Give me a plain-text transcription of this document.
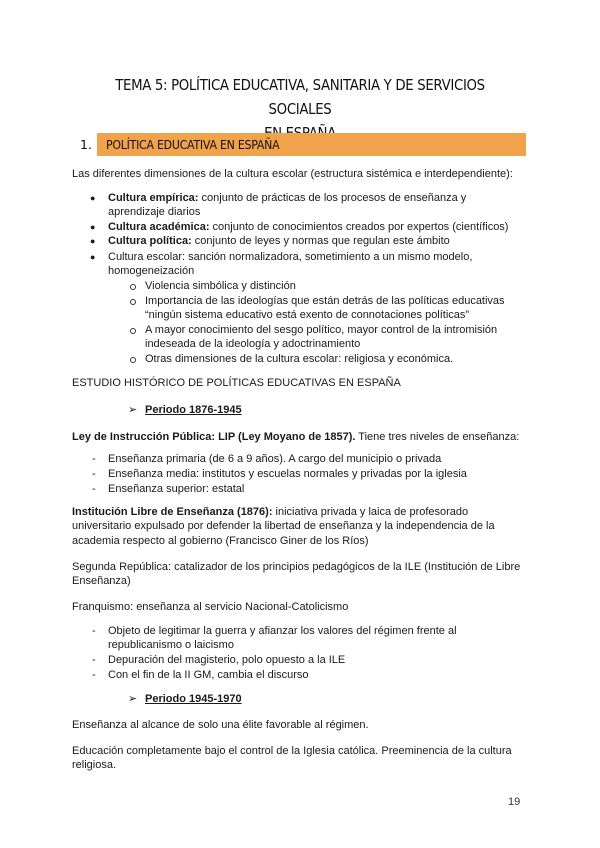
TEMA 5: POLÍTICA EDUCATIVA, SANITARIA Y DE SERVICIOS SOCIALES
1.	POLÍTICA EDUCATIVA EN ESPAÑA
Las diferentes dimensiones de la cultura escolar (estructura sistémica e interdependiente):
● Cultura empírica: conjunto de prácticas de los procesos de enseñanza y
aprendizaje diarios
● Cultura académica: conjunto de conocimientos creados por expertos (científicos)
● Cultura política: conjunto de leyes y normas que regulan este ámbito
● Cultura escolar: sanción normalizadora, sometimiento a un mismo modelo,
homogeneización
Violencia simbólica y distinción
Importancia de las ideologías que están detrás de las políticas educativas
“ningún sistema educativo está exento de connotaciones políticas”
A mayor conocimiento del sesgo político, mayor control de la intromisión
indeseada de la ideología y adoctrinamiento
Otras dimensiones de la cultura escolar: religiosa y económica.
ESTUDIO HISTÓRICO DE POLÍTICAS EDUCATIVAS EN ESPAÑA
➢ Periodo 1876-1945
Ley de Instrucción Pública: LIP (Ley Moyano de 1857). Tiene tres niveles de enseñanza:
- Enseñanza primaria (de 6 a 9 años). A cargo del municipio o privada
- Enseñanza media: institutos y escuelas normales y privadas por la iglesia
- Enseñanza superior: estatal
Institución Libre de Enseñanza (1876): iniciativa privada y laica de profesorado
universitario expulsado por defender la libertad de enseñanza y la independencia de la
academia respecto al gobierno (Francisco Giner de los Ríos)
Segunda República: catalizador de los principios pedagógicos de la ILE (Institución de Libre
Enseñanza)
Franquismo: enseñanza al servicio Nacional-Catolicismo
- Objeto de legitimar la guerra y afianzar los valores del régimen frente al
republicanismo o laicismo
- Depuración del magisterio, polo opuesto a la ILE
- Con el fin de la II GM, cambia el discurso
➢ Periodo 1945-1970
Enseñanza al alcance de solo una élite favorable al régimen.
Educación completamente bajo el control de la Iglesia católica. Preeminencia de la cultura
religiosa.
19
